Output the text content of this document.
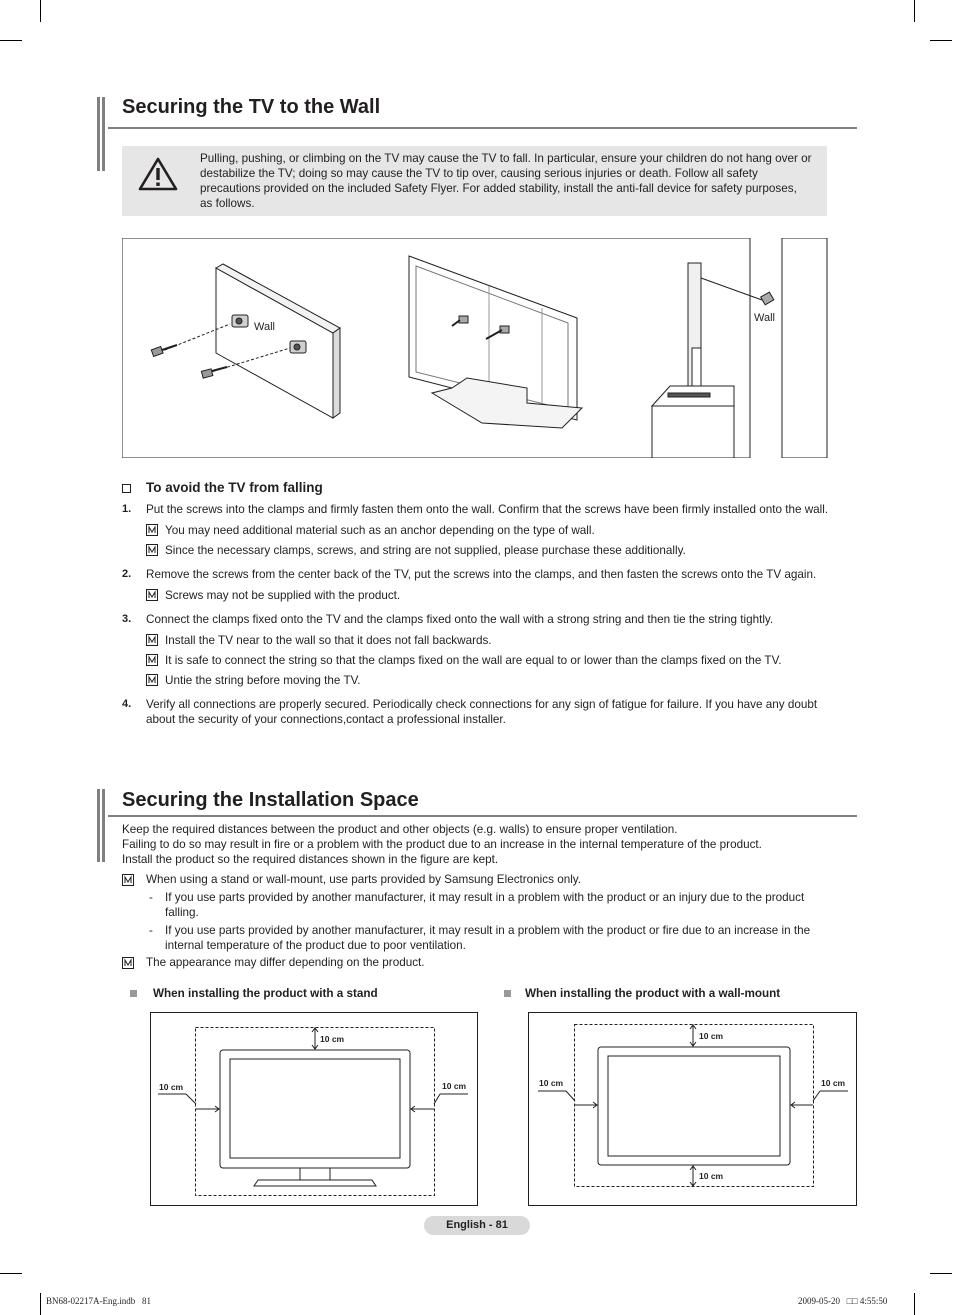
Securing the TV to the Wall
Pulling, pushing, or climbing on the TV may cause the TV to fall. In particular, ensure your children do not hang over or destabilize the TV; doing so may cause the TV to tip over, causing serious injuries or death. Follow all safety precautions provided on the included Safety Flyer. For added stability, install the anti-fall device for safety purposes, as follows.
Wall
Wall
To avoid the TV from falling
1. Put the screws into the clamps and firmly fasten them onto the wall. Confirm that the screws have been firmly installed onto the wall.
You may need additional material such as an anchor depending on the type of wall.
Since the necessary clamps, screws, and string are not supplied, please purchase these additionally.
2. Remove the screws from the center back of the TV, put the screws into the clamps, and then fasten the screws onto the TV again.
Screws may not be supplied with the product.
3. Connect the clamps fixed onto the TV and the clamps fixed onto the wall with a strong string and then tie the string tightly.
Install the TV near to the wall so that it does not fall backwards.
It is safe to connect the string so that the clamps fixed on the wall are equal to or lower than the clamps fixed on the TV.
Untie the string before moving the TV.
4. Verify all connections are properly secured. Periodically check connections for any sign of fatigue for failure. If you have any doubt
about the security of your connections,contact a professional installer.
Securing the Installation Space
Keep the required distances between the product and other objects (e.g. walls) to ensure proper ventilation.
Failing to do so may result in fire or a problem with the product due to an increase in the internal temperature of the product.
Install the product so the required distances shown in the figure are kept.
When using a stand or wall-mount, use parts provided by Samsung Electronics only.
- If you use parts provided by another manufacturer, it may result in a problem with the product or an injury due to the product
falling.
- If you use parts provided by another manufacturer, it may result in a problem with the product or fire due to an increase in the
internal temperature of the product due to poor ventilation.
The appearance may differ depending on the product.
When installing the product with a stand	When installing the product with a wall-mount
10 cm
10 cm	10 cm
10 cm
10 cm	10 cm
10 cm
English - 81
BN68-02217A-Eng.indb   81	2009-05-20   □□ 4:55:50
